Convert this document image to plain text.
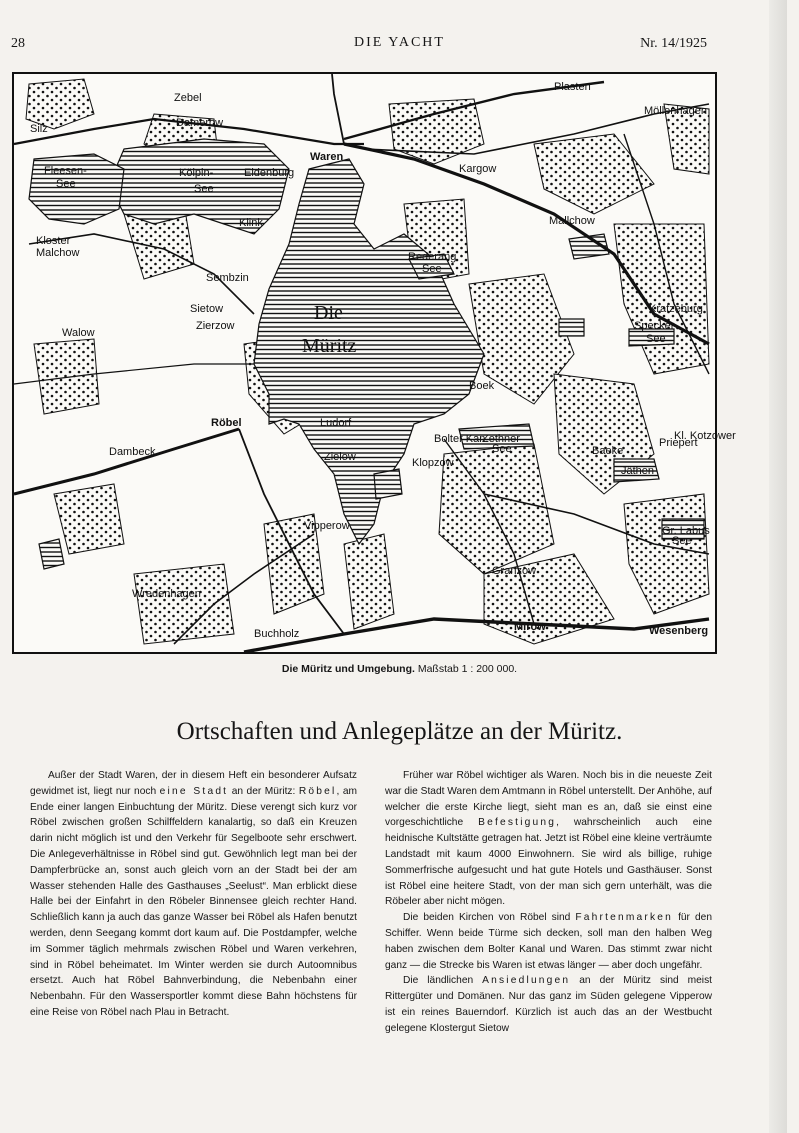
28	DIE YACHT	Nr. 14/1925
Die
Müritz
Zebel
Damerow
Silz
Fleesen-
See
Kölpin-
See
Eldenburg
Waren
Plasten
Möllenhagen
Kargow
Klink	Mallchow
Kloster
Malchow
Sembzin
Sietow
Zierzow
Walow
Röbel
Dambeck
Ludorf
Zielow
Vipperow
Klopzow
Bolter Kan.
Boek
Specker
See
Rederang
See
Kratzeburg
Jäthen
Baeke
Priepert
Wredenhagen
Buchholz
Mirow	Wesenberg
Granzow
Gr. Labus
See
Zethner
See
Kl. Kotzower
Die Müritz und Umgebung. Maßstab 1 : 200 000.
Ortschaften und Anlegeplätze an der Müritz.

Außer der Stadt Waren, der in diesem Heft ein besonderer Aufsatz gewidmet ist, liegt nur noch eine Stadt an der Müritz: Röbel, am Ende einer langen Einbuchtung der Müritz. Diese verengt sich kurz vor Röbel zwischen großen Schilffeldern kanalartig, so daß ein Kreuzen darin nicht möglich ist und den Verkehr für Segelboote sehr erschwert. Die Anlegeverhältnisse in Röbel sind gut. Gewöhnlich legt man bei der Dampferbrücke an, sonst auch gleich vorn an der Stadt bei der am Wasser stehenden Halle des Gasthauses „Seelust“. Man erblickt diese Halle bei der Einfahrt in den Röbeler Binnensee gleich rechter Hand. Schließlich kann ja auch das ganze Wasser bei Röbel als Hafen benutzt werden, denn Seegang kommt dort kaum auf. Die Postdampfer, welche im Sommer täglich mehrmals zwischen Röbel und Waren verkehren, sind in Röbel beheimatet. Im Winter werden sie durch Autoomnibus ersetzt. Auch hat Röbel Bahnverbindung, die Nebenbahn einer Nebenbahn. Für den Wassersportler kommt diese Bahn höchstens für eine Reise von Röbel nach Plau in Betracht.

Früher war Röbel wichtiger als Waren. Noch bis in die neueste Zeit war die Stadt Waren dem Amtmann in Röbel unterstellt. Der Anhöhe, auf welcher die erste Kirche liegt, sieht man es an, daß sie einst eine vorgeschichtliche Befestigung, wahrscheinlich auch eine heidnische Kultstätte getragen hat. Jetzt ist Röbel eine kleine verträumte Landstadt mit kaum 4000 Einwohnern. Sie wird als billige, ruhige Sommerfrische aufgesucht und hat gute Hotels und Gasthäuser. Sonst ist Röbel eine heitere Stadt, von der man sich gern unterhält, was die Röbeler aber nicht mögen.

Die beiden Kirchen von Röbel sind Fahrtenmarken für den Schiffer. Wenn beide Türme sich decken, soll man den halben Weg haben zwischen dem Bolter Kanal und Waren. Das stimmt zwar nicht ganz — die Strecke bis Waren ist etwas länger — aber doch ungefähr.

Die ländlichen Ansiedlungen an der Müritz sind meist Rittergüter und Domänen. Nur das ganz im Süden gelegene Vipperow ist ein reines Bauerndorf. Kürzlich ist auch das an der Westbucht gelegene Klostergut Sietow
